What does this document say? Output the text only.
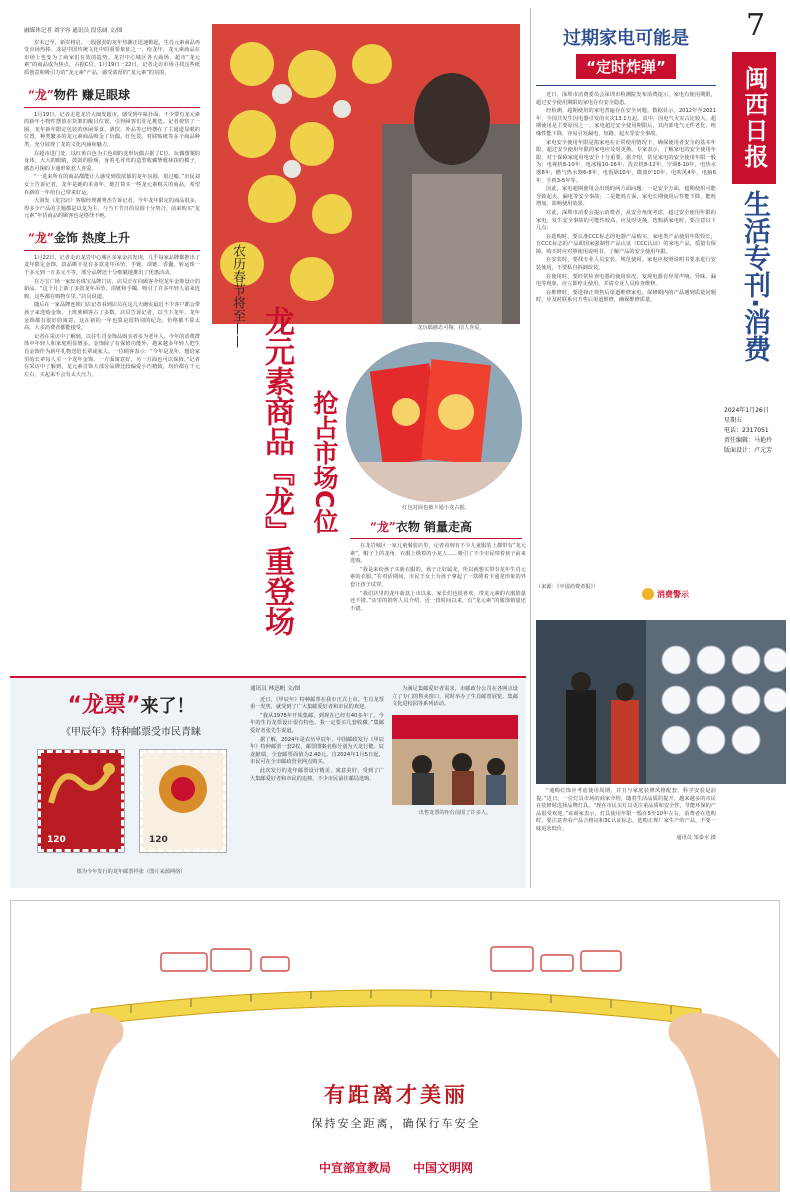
7
闽西日报
生活专刊·消费
2024年1月26日
星期五
电话：2317051
责任编辑：马艳玲
版面设计：卢元芳
融媒体记者 刘宇容 通讯员 段乐阔 文/图

岁末已至，新岁将启。一股强劲的龙年热潮正迅速掀起，生肖元素商品再受市场热捧。龙是中国传统文化中的重要象征之一，给龙年，龙元素商品在市场上也变为了商家们有效的造势。龙岩中心城区各大商场，超市“龙元素”的商品成为焦点，占据C位。1月19日一22日，记者走访市场寻找这些纸质创意和吸引力的“龙元素”产品，感受浓厚的“龙元素”的氛围。

“龙”物件 赚足眼球

1月19日，记者走进龙岩大闽发超市，感受到年味扑面。不少带有龙元素的新年小物件摆放在货架的醒目位置，引得顾客们驻足挑选。记者观察了一圈，龙年新年限定包装的休闲零食、酒饮、外品等已经摆在了主通道显眼的位置，种类繁多的龙元素商品吸金了玩偶、红包袋、对联贴纸等多个商品种类，充分展现了龙的文化内涵和魅力。

在超市进门处，以红黄白色为主色调的龙形玩偶占据了C位，玩偶图案的身体，大大的眼睛，鼓鼓的脸颊，身着毛茸茸的造型收藏挚歌抹抹的模子，憨态可掬的卡通形象惹人喜爱。

“一进来所有的商品都能让人感受到很浓郁的龙年氛围，很过瘾。”市民刘女士告诉记者，龙年是她的本命年，她打算买一些龙元素相关的商品，希望在新的一年给自己带来好运。

大润发（龙岩店）客服经理谢秀杰告诉记者，今年龙年限定的商品很多，得多少产品的主题都是以龙为主，与当下节日的氛围十分契合。前来购买“龙元素”年货商品的顾客也是络绎不绝。

“龙”金饰 热度上升

1月22日，记者走访龙岩中心城区多家金店发现，几乎每家品牌都推出了龙年限定金饰，款品颇丰星有多款龙年吊坠、手链、项链、香囊、转运珠一千多元到一万多元不等，部分品牌还十分细腻地推出了优惠活动。

在万宝广场一家知名珠宝品牌门店，店员正在向顾客介绍龙年金饰设计的新品。“这个月上新了多款龙年吊坠、项链和手镯，吸引了许多年轻人前来选购，这些都在购物车里。”店员说道。

随后在一家品牌连锁门店记者看到店员在这几天确实最近不少客户都会带孩子来选购金饰，上班族顾客占了多数。店员告诉记者，以当下龙年、龙年金饰都有很好的寓意，这在新的一年也算是很特别的纪念，价格都不算太高，大多消费者都能接受。

记者在采访中了解到，以往生肖金饰品购买者多为老年人，今年的消费群体中年轻人和家庭明显增多。金饰除了有保值功能外，越来越多年轻人把生肖金饰作为新年礼物送给长辈或家人。一位顾客表示：“今年是龙年，想给家里的长辈每人买一个龙年金饰，一方面寓意好，另一方面也可以保值。”记者在采访中了解到，龙元素首饰大部分品牌比较偏爱小巧精致，均价都在千元左右，买起来不会有太大压力。

龙玩偶憨态可掬，招人喜爱。
农历春节将至——
龙元素商品『龙』重登场 抢占市场C位	红包封面也被卡通小龙占据。
“龙”衣物 销量走高

在龙岩城区一家儿童服装店里，记者看到有不少儿童服装上都带有“龙元素”，帽子上的龙角、衣服上绣着的小龙人……吸引了不少市民带着孩子前来选购。

“我是来给孩子买新衣服的，孩子正好属龙，所以就想买带有龙年生肖元素的衣服。”在对话期间，市民王女士为孩子拿起了一款绣着卡通龙形象的外套让孩子试穿。

“我们店里的龙年新款上市以来，家长们也很喜欢，带龙元素的衣服销量还不错。”店里的销售人员介绍，近一段时间以来，有“龙元素”的服饰销量还不错。

过期家电可能是
“定时炸弹”

近日，深圳市消费委员会深圳市检测院发布消费提示，家电有使用期限，超过安全使用期限的家电存有安全隐患。

经检测，超期使用的家电普遍存在安全问题。数据显示，2012年至2021年，全国共发生因电器引发的火灾13.1万起。其中，因电气火灾占比较大，超期使用是主要原因之一。家电超过安全使用期限后，其内部电气元件老化、绝缘性能下降，容易引发漏电、短路、起火等安全事故。

家电安全使用年限是指家电在正常使用情况下，确保使用者安全的基本年限，超过安全使用年限的家电应及时更换。专家表示，了解家电的安全使用年限，对于保障家庭用电安全十分重要。据介绍，常见家电的安全使用年限一般为：电视机8-10年，电冰箱10-16年，洗衣机8-12年，空调8-10年，电热水器8年，燃气热水器6-8年，电饭锅10年，微波炉10年，电吹风4年，电脑6年，手机3-5年等。

因此，家电超期使用会出现的两方面问题：一是安全方面，超期使用可能导致起火、漏电等安全事故；二是能耗方面，家电长期使用后性能下降，能耗增加，影响使用效果。

对此，深圳市消委会提示消费者，从安全角度考虑，超过安全使用年限的家电，发生安全事故的可能性较高，应及时更换。选购新家电时，要注意以下几点：

在选购时，要认准CCC标志的电器产品购买，家电类产品使用年限较长，有CCC标志的产品即国家强制性产品认证（CCC认证）的家电产品，质量有保障。购买时应对照使用说明书，了解产品的安全使用年限。

在安装时，要找专业人员安装，规范使用。家电应按照说明书要求进行安装使用，不要私自拆卸改装。

在使用时，要经常检查电器的使用状况。发现电器有异常声响、异味、漏电等现象，应立即停止使用，并请专业人员检查维修。

在维修时，要选择正规售后渠道维修家电。保修期内的产品遇到质量问题时，应及时联系官方售后渠道维修，确保维修质量。

（来源：《中国消费者报》）
消费警示

“通购灯饰应考虑使用周期，并且与家庭装修风格配套，科学安装是前提。”近日，一位灯具市场的商家介绍，随着生活品质的提升，越来越多的市民在装修时选择品牌灯具。“现在市民买灯具更注重品质和安全性，节能环保的产品很受欢迎。”该商家表示，灯具使用年限一般在5至10年左右，消费者在选购时，要注意查看产品合格证和3C认证标志，选购正规厂家生产的产品，不要一味追求低价。

通讯员 邹泰水 摄
“龙票”来了！
《甲辰年》特种邮票受市民青睐
120	120
图为今年发行的龙年邮票样张（图片来源网络）
通讯员 林迅帆 文/图

近日，《甲辰年》特种邮票在我市正式上市。生肖龙票甫一发售，就受到了广大集邮爱好者和市民的欢迎。

“我从1978年开始集邮，到现在已经有40多年了。今年的生肖龙票设计很有特色，我一定要买几套收藏。”集邮爱好者张先生说道。

据了解，2024年是农历甲辰年，中国邮政发行《甲辰年》特种邮票一套2枚，邮票图案名称分别为天龙行健、辰龙献瑞，全套邮票面值为2.40元。自2024年1月5日起，市民可在全市邮政营业网点购买。

此次发行的龙年邮票设计精美、寓意美好，受到了广大集邮爱好者和市民的追捧，不少市民前往邮局选购。

为满足集邮爱好者需求，市邮政分公司在各网点设立了专门的售卖窗口，同时举办了生肖邮票展览、集邮文化进校园等系列活动。

出售龙票的柜台前围了许多人。
有距离才美丽
保持安全距离，确保行车安全
中宣部宣教局 中国文明网
